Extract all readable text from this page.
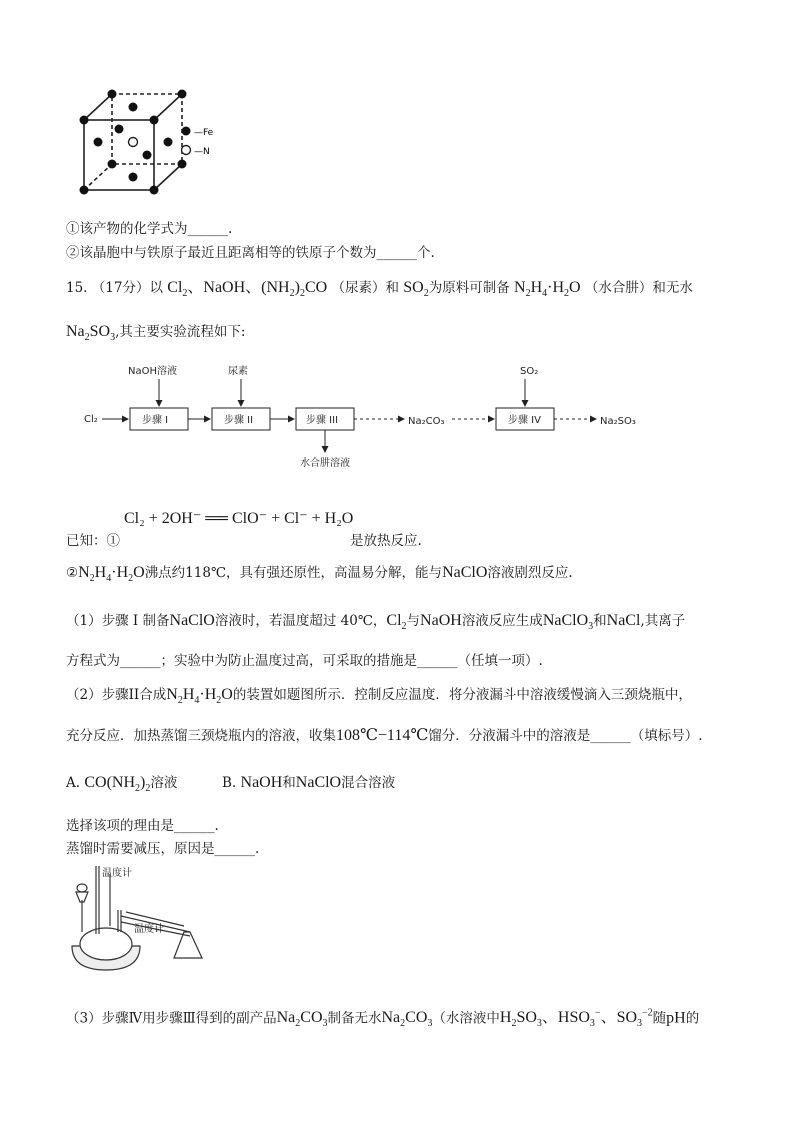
—Fe
—N
①该产物的化学式为______.
②该晶胞中与铁原子最近且距离相等的铁原子个数为______个.
15. （17分）以 $Cl_2$、NaOH、$(NH_2)_2CO$ （尿素）和 $SO_2$为原料可制备 $N_2H_4\cdot H_2O$ （水合肼）和无水
$Na_2SO_3$,其主要实验流程如下:
NaOH溶液	尿素	SO₂
Cl₂	Na₂CO₃	Na₂SO₃
水合肼溶液
步骤 I	步骤 II	步骤 III	步骤 IV
Cl₂ + 2OH⁻ ══ ClO⁻ + Cl⁻ + H₂O
已知：①	是放热反应.
$②N_2H_4\cdot H_2O$沸点约118℃，具有强还原性，高温易分解，能与NaClO溶液剧烈反应.
（1）步骤 I 制备NaClO溶液时，若温度超过 40℃，$Cl_2$与NaOH溶液反应生成NaClO$_3$和NaCl,其离子
方程式为______；实验中为防止温度过高，可采取的措施是______（任填一项）.
（2）步骤II合成$N_2H_4\cdot H_2O$的装置如题图所示．控制反应温度．将分液漏斗中溶液缓慢滴入三颈烧瓶中，
充分反应．加热蒸馏三颈烧瓶内的溶液，收集108℃−114℃馏分．分液漏斗中的溶液是______（填标号）.
A. $CO(NH_2)_2$溶液	B. NaOH和NaClO混合溶液
选择该项的理由是______.
蒸馏时需要减压，原因是______.
温度计
温度计
（3）步骤Ⅳ用步骤Ⅲ得到的副产品$Na_2CO_3$制备无水$Na_2CO_3$（水溶液中$H_2SO_3$、$HSO_3^-$、$SO_3^{-2}$随pH的
